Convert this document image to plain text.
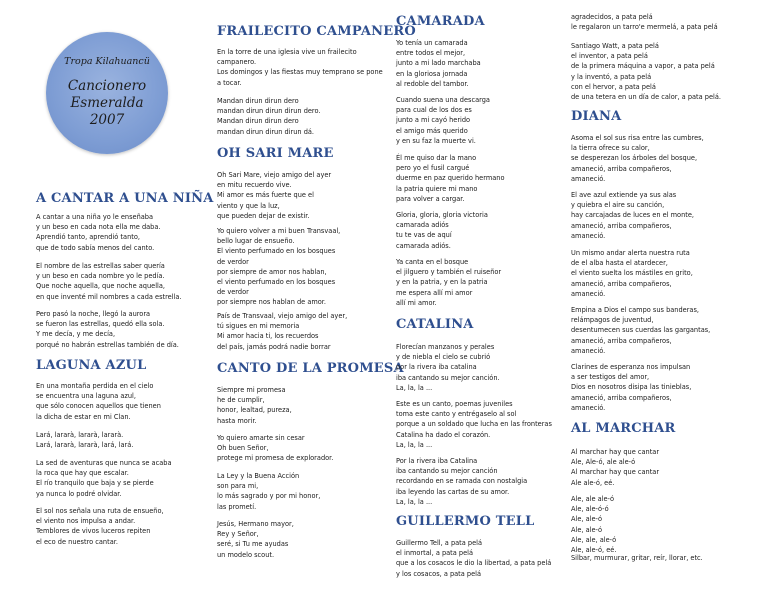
Tropa Kilahuancü
Cancionero
Esmeralda
2007
A CANTAR A UNA NIÑA
A cantar a una niña yo le enseñaba
y un beso en cada nota ella me daba.
Aprendió tanto, aprendió tanto,
que de todo sabía menos del canto.
El nombre de las estrellas saber quería
y un beso en cada nombre yo le pedía.
Que noche aquella, que noche aquella,
en que inventé mil nombres a cada estrella.
Pero pasó la noche, llegó la aurora
se fueron las estrellas, quedó ella sola.
Y me decía, y me decía,
porqué no habrán estrellas también de día.
LAGUNA AZUL
En una montaña perdida en el cielo
se encuentra una laguna azul,
que sólo conocen aquellos que tienen
la dicha de estar en mi Clan.
Lará, lararà, lararà, lararà.
Lará, lararà, lararà, lará, lará.
La sed de aventuras que nunca se acaba
la roca que hay que escalar.
El río tranquilo que baja y se pierde
ya nunca lo podré olvidar.
El sol nos señala una ruta de ensueño,
el viento nos impulsa a andar.
Temblores de vivos luceros repiten
el eco de nuestro cantar.
FRAILECITO CAMPANERO
En la torre de una iglesia vive un frailecito
campanero.
Los domingos y las fiestas muy temprano se pone
a tocar.
Mandan dirun dirun dero
mandan dirun dirun dirun dero.
Mandan dirun dirun dero
mandan dirun dirun dirun dá.
OH SARI MARE
Oh Sari Mare, viejo amigo del ayer
en mitu recuerdo vive.
Mi amor es más fuerte que el
viento y que la luz,
que pueden dejar de existir.
Yo quiero volver a mi buen Transvaal,
bello lugar de ensueño.
El viento perfumado en los bosques
de verdor
por siempre de amor nos hablan,
el viento perfumado en los bosques
de verdor
por siempre nos hablan de amor.
País de Transvaal, viejo amigo del ayer,
tú sigues en mi memoria
Mi amor hacia ti, los recuerdos
del país, jamás podrá nadie borrar
CANTO DE LA PROMESA
Siempre mi promesa
he de cumplir,
honor, lealtad, pureza,
hasta morir.
Yo quiero amarte sin cesar
Oh buen Señor,
protege mi promesa de explorador.
La Ley y la Buena Acción
son para mi,
lo más sagrado y por mi honor,
las prometí.
Jesús, Hermano mayor,
Rey y Señor,
seré, si Tu me ayudas
un modelo scout.
CAMARADA
Yo tenía un camarada
entre todos el mejor,
junto a mi lado marchaba
en la gloriosa jornada
al redoble del tambor.
Cuando suena una descarga
para cual de los dos es
junto a mi cayó herido
el amigo más querido
y en su faz la muerte vi.
Él me quiso dar la mano
pero yo el fusil cargué
duerme en paz querido hermano
la patria quiere mi mano
para volver a cargar.
Gloria, gloria, gloria victoria
camarada adiós
tu te vas de aquí
camarada adiós.
Ya canta en el bosque
el jilguero y también el ruiseñor
y en la patria, y en la patria
me espera allí mi amor
allí mi amor.
CATALINA
Florecían manzanos y perales
y de niebla el cielo se cubrió
por la rivera iba catalina
iba cantando su mejor canción.
La, la, la ...
Este es un canto, poemas juveniles
toma este canto y entrégaselo al sol
porque a un soldado que lucha en las fronteras
Catalina ha dado el corazón.
La, la, la ...
Por la rivera iba Catalina
iba cantando su mejor canción
recordando en se ramada con nostalgia
iba leyendo las cartas de su amor.
La, la, la ...
GUILLERMO TELL
Guillermo Tell, a pata pelá
el inmortal, a pata pelá
que a los cosacos le dio la libertad, a pata pelá
y los cosacos, a pata pelá
agradecidos, a pata pelá
le regalaron un tarro'e mermelá, a pata pelá
Santiago Watt, a pata pelá
el inventor, a pata pelá
de la primera máquina a vapor, a pata pelá
y la inventó, a pata pelá
con el hervor, a pata pelá
de una tetera en un día de calor, a pata pelá.
DIANA
Asoma el sol sus risa entre las cumbres,
la tierra ofrece su calor,
se desperezan los árboles del bosque,
amaneció, arriba compañeros,
amaneció.
El ave azul extiende ya sus alas
y quiebra el aire su canción,
hay carcajadas de luces en el monte,
amaneció, arriba compañeros,
amaneció.
Un mismo andar alerta nuestra ruta
de el alba hasta el atardecer,
el viento suelta los mástiles en grito,
amaneció, arriba compañeros,
amaneció.
Empina a Dios el campo sus banderas,
relámpagos de juventud,
desentumecen sus cuerdas las gargantas,
amaneció, arriba compañeros,
amaneció.
Clarines de esperanza nos impulsan
a ser testigos del amor,
Dios en nosotros disipa las tinieblas,
amaneció, arriba compañeros,
amaneció.
AL MARCHAR
Al marchar hay que cantar
Ale, Ale-ó, ale ale-ó
Al marchar hay que cantar
Ale ale-ó, eé.
Ale, ale ale-ó
Ale, ale-ó-ó
Ale, ale-ó
Ale, ale-ó
Ale, ale, ale-ó
Ale, ale-ó, eé.
Silbar, murmurar, gritar, reír, llorar, etc.
